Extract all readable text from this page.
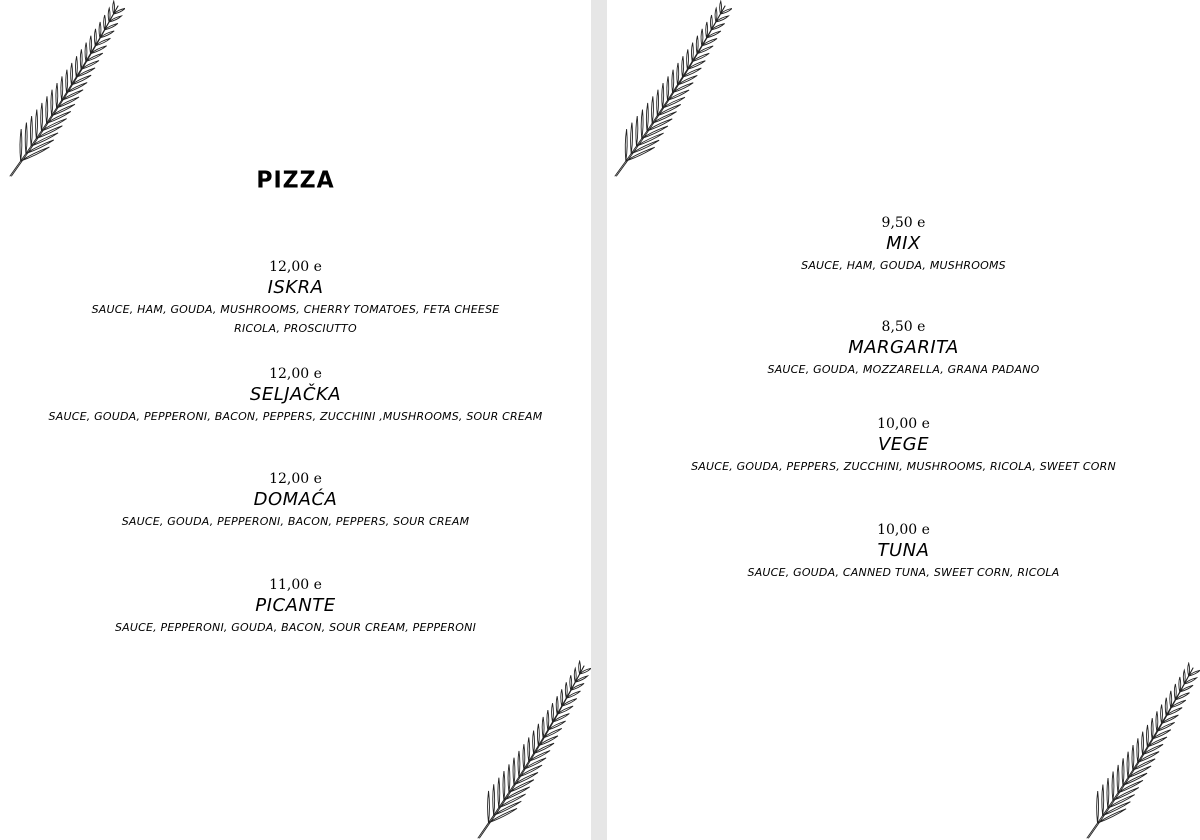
PIZZA
12,00 e
ISKRA
SAUCE, HAM, GOUDA, MUSHROOMS, CHERRY TOMATOES, FETA CHEESE
RICOLA, PROSCIUTTO
12,00 e
SELJAČKA
SAUCE, GOUDA, PEPPERONI, BACON, PEPPERS, ZUCCHINI ,MUSHROOMS, SOUR CREAM
12,00 e
DOMAĆA
SAUCE, GOUDA, PEPPERONI, BACON, PEPPERS, SOUR CREAM
11,00 e
PICANTE
SAUCE, PEPPERONI, GOUDA, BACON, SOUR CREAM, PEPPERONI
9,50 e
MIX
SAUCE, HAM, GOUDA, MUSHROOMS
8,50 e
MARGARITA
SAUCE, GOUDA, MOZZARELLA, GRANA PADANO
10,00 e
VEGE
SAUCE, GOUDA, PEPPERS, ZUCCHINI, MUSHROOMS, RICOLA, SWEET CORN
10,00 e
TUNA
SAUCE, GOUDA, CANNED TUNA, SWEET CORN, RICOLA
